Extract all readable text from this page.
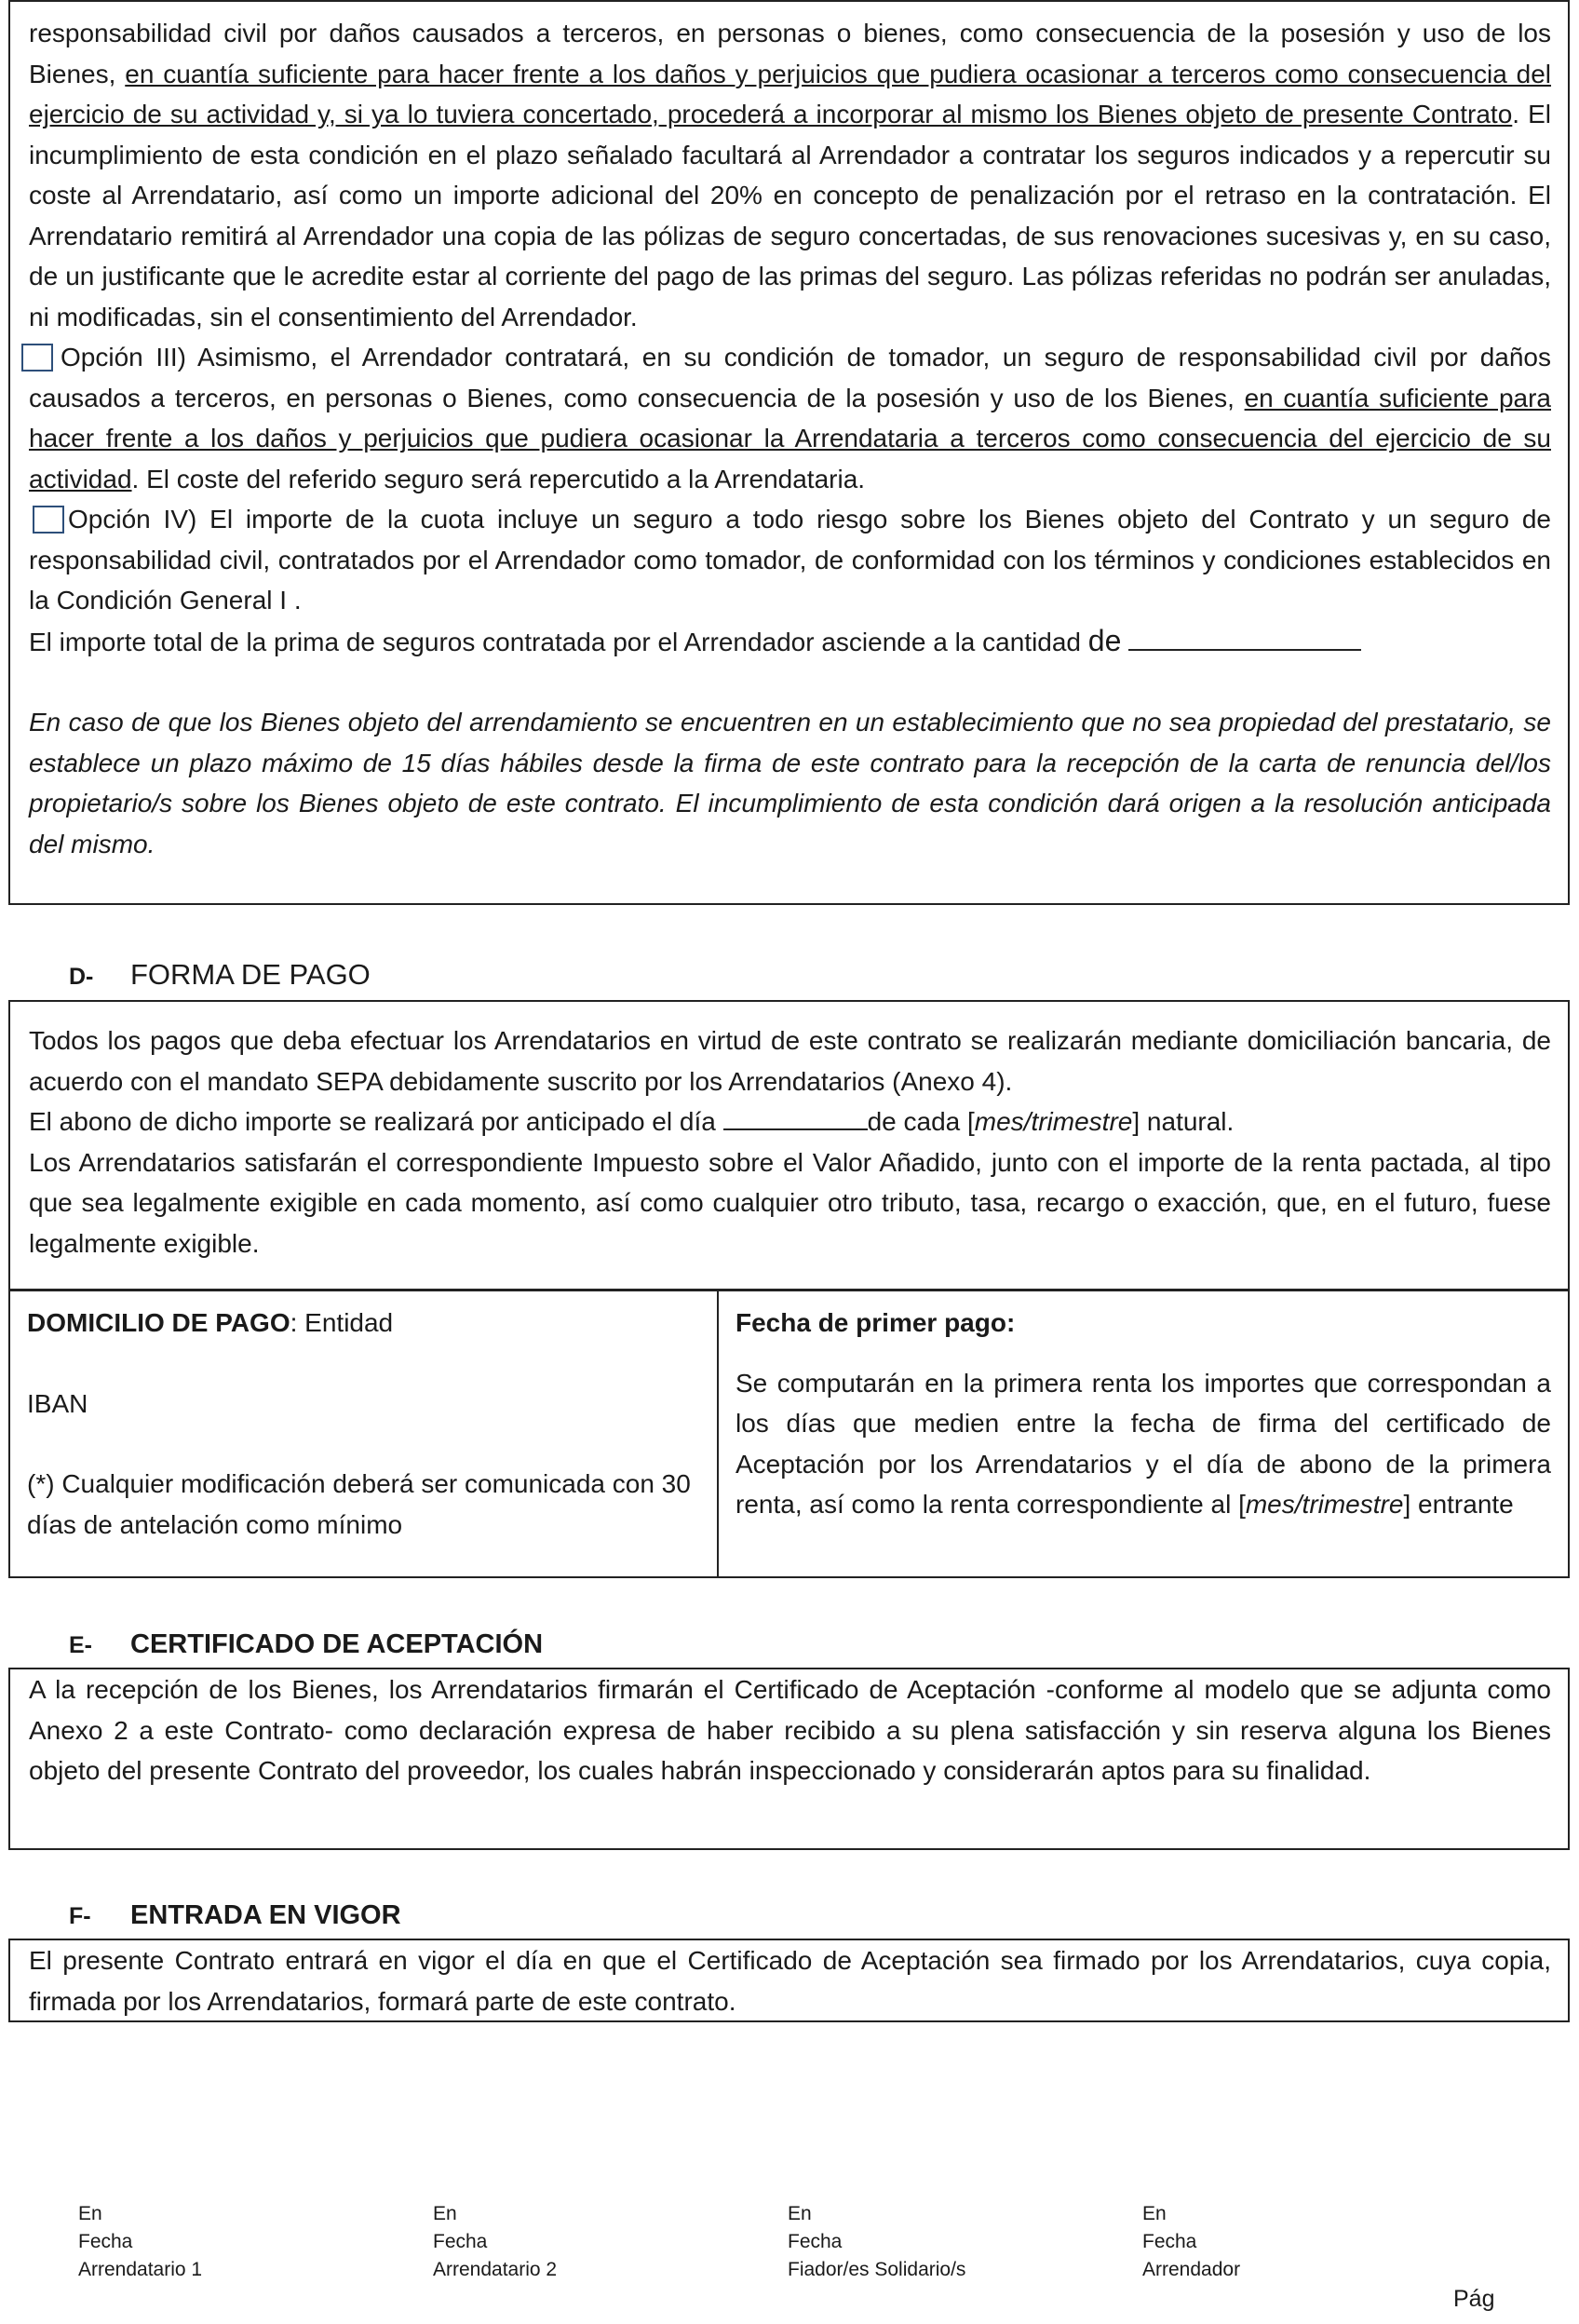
responsabilidad civil por daños causados a terceros, en personas o bienes, como consecuencia de la posesión y uso de los Bienes, en cuantía suficiente para hacer frente a los daños y perjuicios que pudiera ocasionar a terceros como consecuencia del ejercicio de su actividad y, si ya lo tuviera concertado, procederá a incorporar al mismo los Bienes objeto de presente Contrato. El incumplimiento de esta condición en el plazo señalado facultará al Arrendador a contratar los seguros indicados y a repercutir su coste al Arrendatario, así como un importe adicional del 20% en concepto de penalización por el retraso en la contratación. El Arrendatario remitirá al Arrendador una copia de las pólizas de seguro concertadas, de sus renovaciones sucesivas y, en su caso, de un justificante que le acredite estar al corriente del pago de las primas del seguro. Las pólizas referidas no podrán ser anuladas, ni modificadas, sin el consentimiento del Arrendador.

Opción III) Asimismo, el Arrendador contratará, en su condición de tomador, un seguro de responsabilidad civil por daños causados a terceros, en personas o Bienes, como consecuencia de la posesión y uso de los Bienes, en cuantía suficiente para hacer frente a los daños y perjuicios que pudiera ocasionar la Arrendataria a terceros como consecuencia del ejercicio de su actividad. El coste del referido seguro será repercutido a la Arrendataria.

Opción IV) El importe de la cuota incluye un seguro a todo riesgo sobre los Bienes objeto del Contrato y un seguro de responsabilidad civil, contratados por el Arrendador como tomador, de conformidad con los términos y condiciones establecidos en la Condición General I .

El importe total de la prima de seguros contratada por el Arrendador asciende a la cantidad de

En caso de que los Bienes objeto del arrendamiento se encuentren en un establecimiento que no sea propiedad del prestatario, se establece un plazo máximo de 15 días hábiles desde la firma de este contrato para la recepción de la carta de renuncia del/los propietario/s sobre los Bienes objeto de este contrato. El incumplimiento de esta condición dará origen a la resolución anticipada del mismo.

D- FORMA DE PAGO

Todos los pagos que deba efectuar los Arrendatarios en virtud de este contrato se realizarán mediante domiciliación bancaria, de acuerdo con el mandato SEPA debidamente suscrito por los Arrendatarios (Anexo 4).

El abono de dicho importe se realizará por anticipado el día	de cada [mes/trimestre] natural.

Los Arrendatarios satisfarán el correspondiente Impuesto sobre el Valor Añadido, junto con el importe de la renta pactada, al tipo que sea legalmente exigible en cada momento, así como cualquier otro tributo, tasa, recargo o exacción, que, en el futuro, fuese legalmente exigible.

DOMICILIO DE PAGO: Entidad

IBAN

(*) Cualquier modificación deberá ser comunicada con 30 días de antelación como mínimo

Fecha de primer pago:

Se computarán en la primera renta los importes que correspondan a los días que medien entre la fecha de firma del certificado de Aceptación por los Arrendatarios y el día de abono de la primera renta, así como la renta correspondiente al [mes/trimestre] entrante

E- CERTIFICADO DE ACEPTACIÓN

A la recepción de los Bienes, los Arrendatarios firmarán el Certificado de Aceptación -conforme al modelo que se adjunta como Anexo 2 a este Contrato- como declaración expresa de haber recibido a su plena satisfacción y sin reserva alguna los Bienes objeto del presente Contrato del proveedor, los cuales habrán inspeccionado y considerarán aptos para su finalidad.

F- ENTRADA EN VIGOR

El presente Contrato entrará en vigor el día en que el Certificado de Aceptación sea firmado por los Arrendatarios, cuya copia, firmada por los Arrendatarios, formará parte de este contrato.

En
Fecha
Arrendatario 1
En
Fecha
Arrendatario 2
En
Fecha
Fiador/es Solidario/s
En
Fecha
Arrendador
Pág
